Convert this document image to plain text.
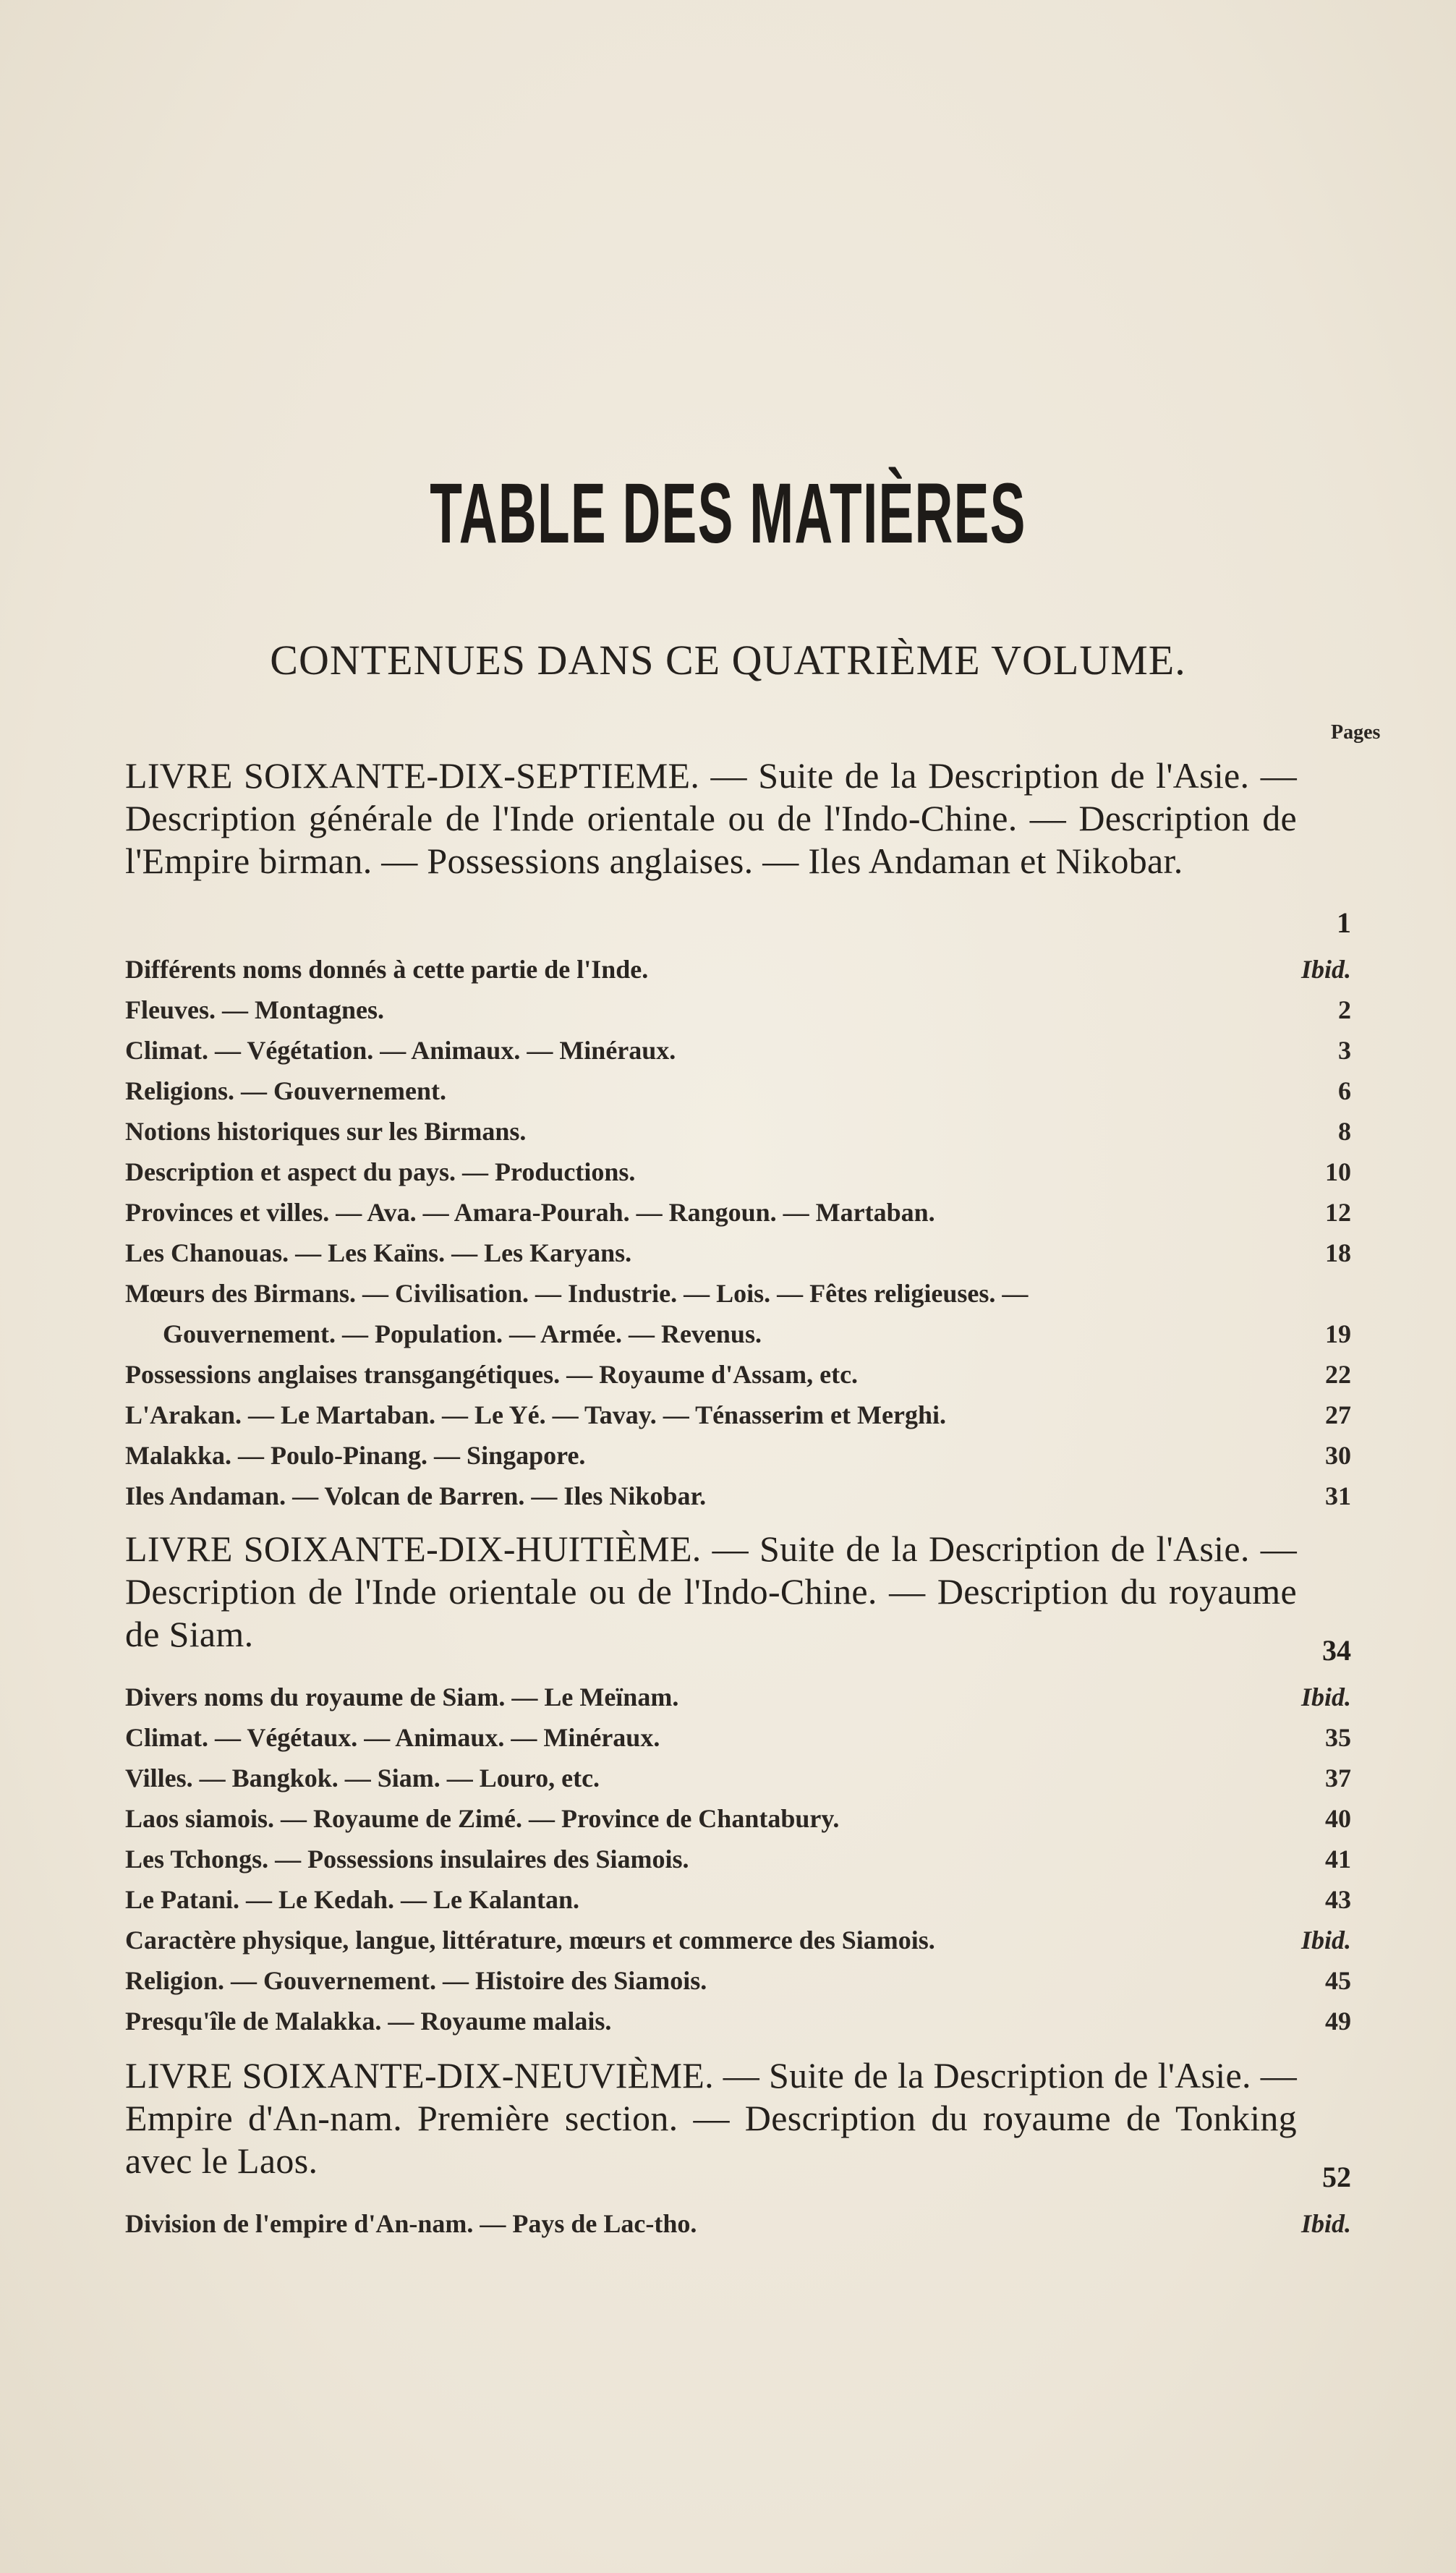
TABLE DES MATIÈRES
CONTENUES DANS CE QUATRIÈME VOLUME.
Pages
LIVRE SOIXANTE-DIX-SEPTIEME. — Suite de la Description de l'Asie. — Description générale de l'Inde orientale ou de l'Indo-Chine. — Description de l'Empire birman. — Possessions anglaises. — Iles Andaman et Nikobar.
1
Différents noms donnés à cette partie de l'Inde.	Ibid.
Fleuves. — Montagnes.	2
Climat. — Végétation. — Animaux. — Minéraux.	3
Religions. — Gouvernement.	6
Notions historiques sur les Birmans.	8
Description et aspect du pays. — Productions.	10
Provinces et villes. — Ava. — Amara-Pourah. — Rangoun. — Martaban.	12
Les Chanouas. — Les Kaïns. — Les Karyans.	18
Mœurs des Birmans. — Civilisation. — Industrie. — Lois. — Fêtes religieuses. —
Gouvernement. — Population. — Armée. — Revenus.	19
Possessions anglaises transgangétiques. — Royaume d'Assam, etc.	22
L'Arakan. — Le Martaban. — Le Yé. — Tavay. — Ténasserim et Merghi.	27
Malakka. — Poulo-Pinang. — Singapore.	30
Iles Andaman. — Volcan de Barren. — Iles Nikobar.	31
LIVRE SOIXANTE-DIX-HUITIÈME. — Suite de la Description de l'Asie. — Description de l'Inde orientale ou de l'Indo-Chine. — Description du royaume de Siam.	34
Divers noms du royaume de Siam. — Le Meïnam.	Ibid.
Climat. — Végétaux. — Animaux. — Minéraux.	35
Villes. — Bangkok. — Siam. — Louro, etc.	37
Laos siamois. — Royaume de Zimé. — Province de Chantabury.	40
Les Tchongs. — Possessions insulaires des Siamois.	41
Le Patani. — Le Kedah. — Le Kalantan.	43
Caractère physique, langue, littérature, mœurs et commerce des Siamois.	Ibid.
Religion. — Gouvernement. — Histoire des Siamois.	45
Presqu'île de Malakka. — Royaume malais.	49
LIVRE SOIXANTE-DIX-NEUVIÈME. — Suite de la Description de l'Asie. — Empire d'An-nam. Première section. — Description du royaume de Tonking avec le Laos.	52
Division de l'empire d'An-nam. — Pays de Lac-tho.	Ibid.
